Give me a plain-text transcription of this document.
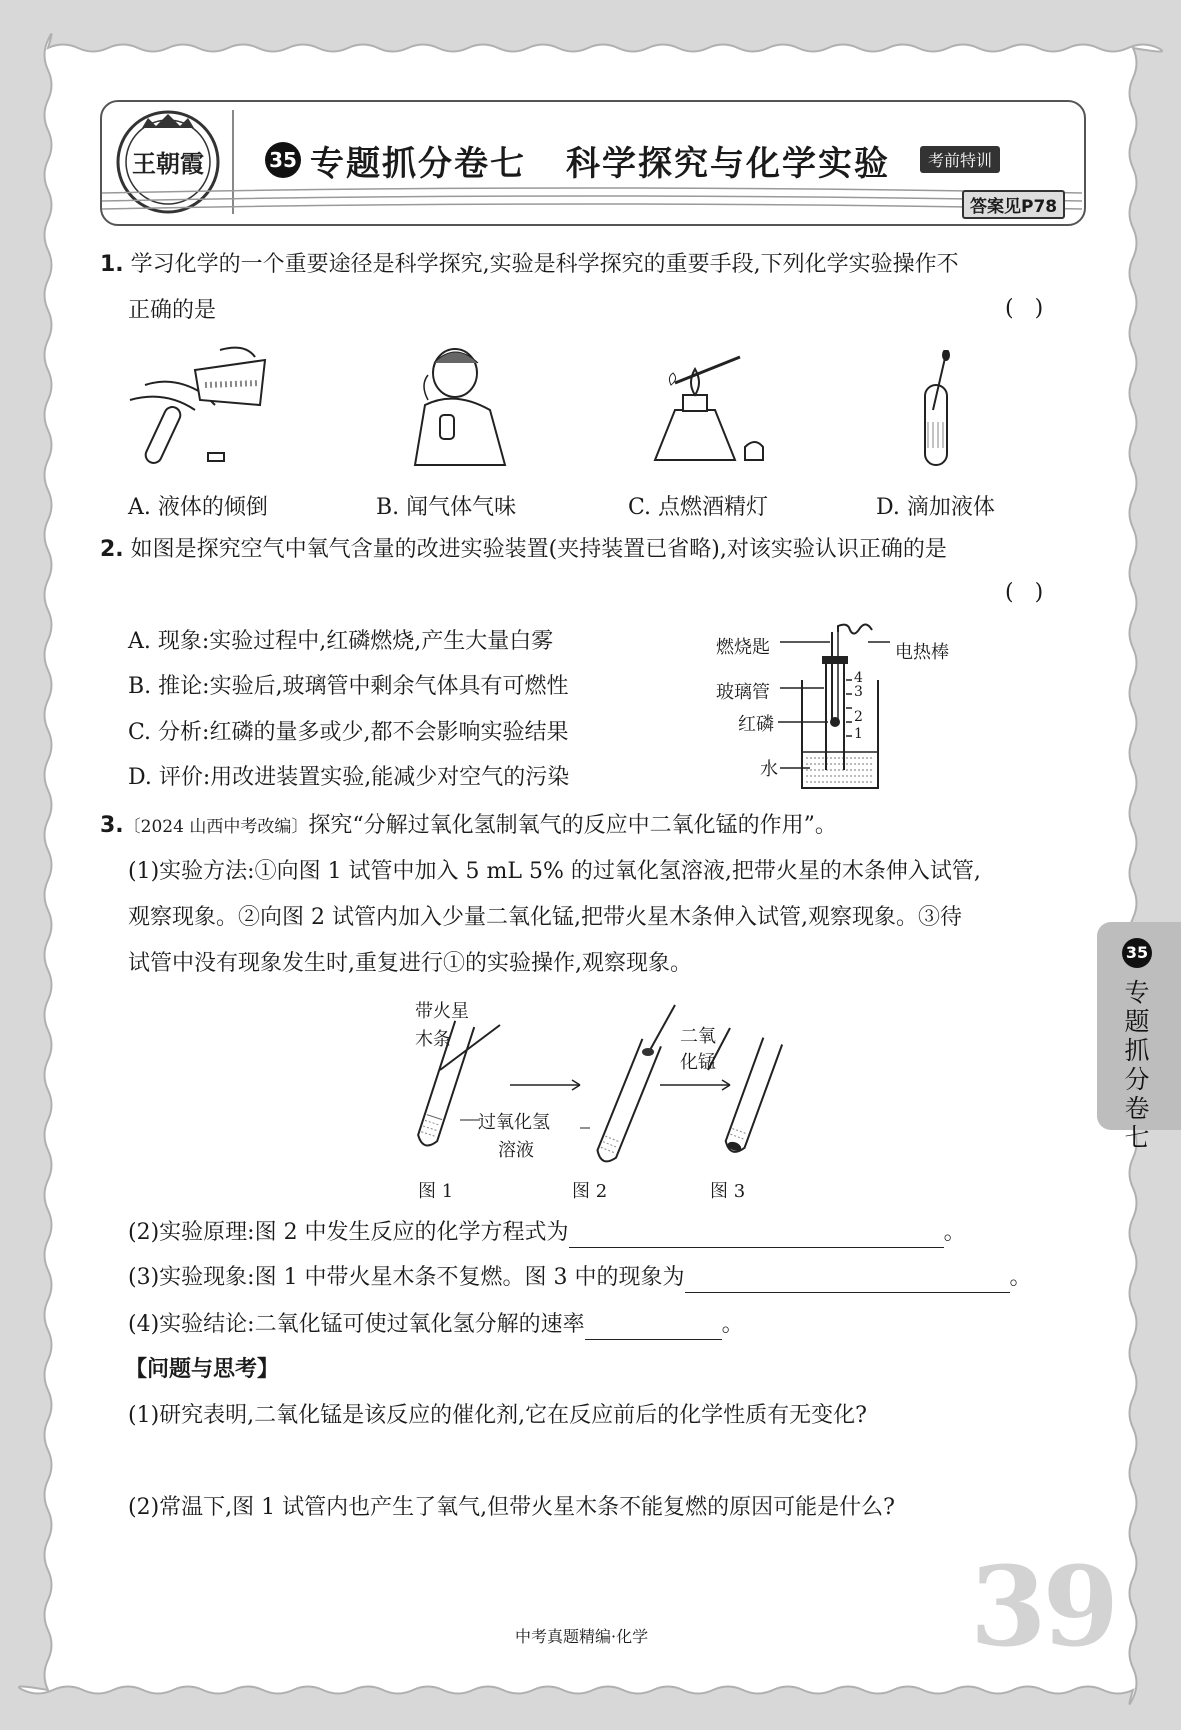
王朝霞	35 专题抓分卷七 科学探究与化学实验	考前特训
答案见P78
1. 学习化学的一个重要途径是科学探究,实验是科学探究的重要手段,下列化学实验操作不
正确的是	(   )
A. 液体的倾倒	B. 闻气体气味	C. 点燃酒精灯	D. 滴加液体
2. 如图是探究空气中氧气含量的改进实验装置(夹持装置已省略),对该实验认识正确的是
(   )
A. 现象:实验过程中,红磷燃烧,产生大量白雾
B. 推论:实验后,玻璃管中剩余气体具有可燃性
C. 分析:红磷的量多或少,都不会影响实验结果
D. 评价:用改进装置实验,能减少对空气的污染
燃烧匙	电热棒
玻璃管
红磷
水
4
3
2
1
3.〔2024 山西中考改编〕探究“分解过氧化氢制氧气的反应中二氧化锰的作用”。
(1)实验方法:①向图 1 试管中加入 5 mL 5% 的过氧化氢溶液,把带火星的木条伸入试管,
观察现象。②向图 2 试管内加入少量二氧化锰,把带火星木条伸入试管,观察现象。③待
试管中没有现象发生时,重复进行①的实验操作,观察现象。
带火星
木条	二氧
化锰
过氧化氢
溶液
图 1	图 2	图 3
(2)实验原理:图 2 中发生反应的化学方程式为	。
(3)实验现象:图 1 中带火星木条不复燃。图 3 中的现象为	。
(4)实验结论:二氧化锰可使过氧化氢分解的速率	。
【问题与思考】
(1)研究表明,二氧化锰是该反应的催化剂,它在反应前后的化学性质有无变化?
(2)常温下,图 1 试管内也产生了氧气,但带火星木条不能复燃的原因可能是什么?
35
专题抓分卷七
39
中考真题精编·化学
